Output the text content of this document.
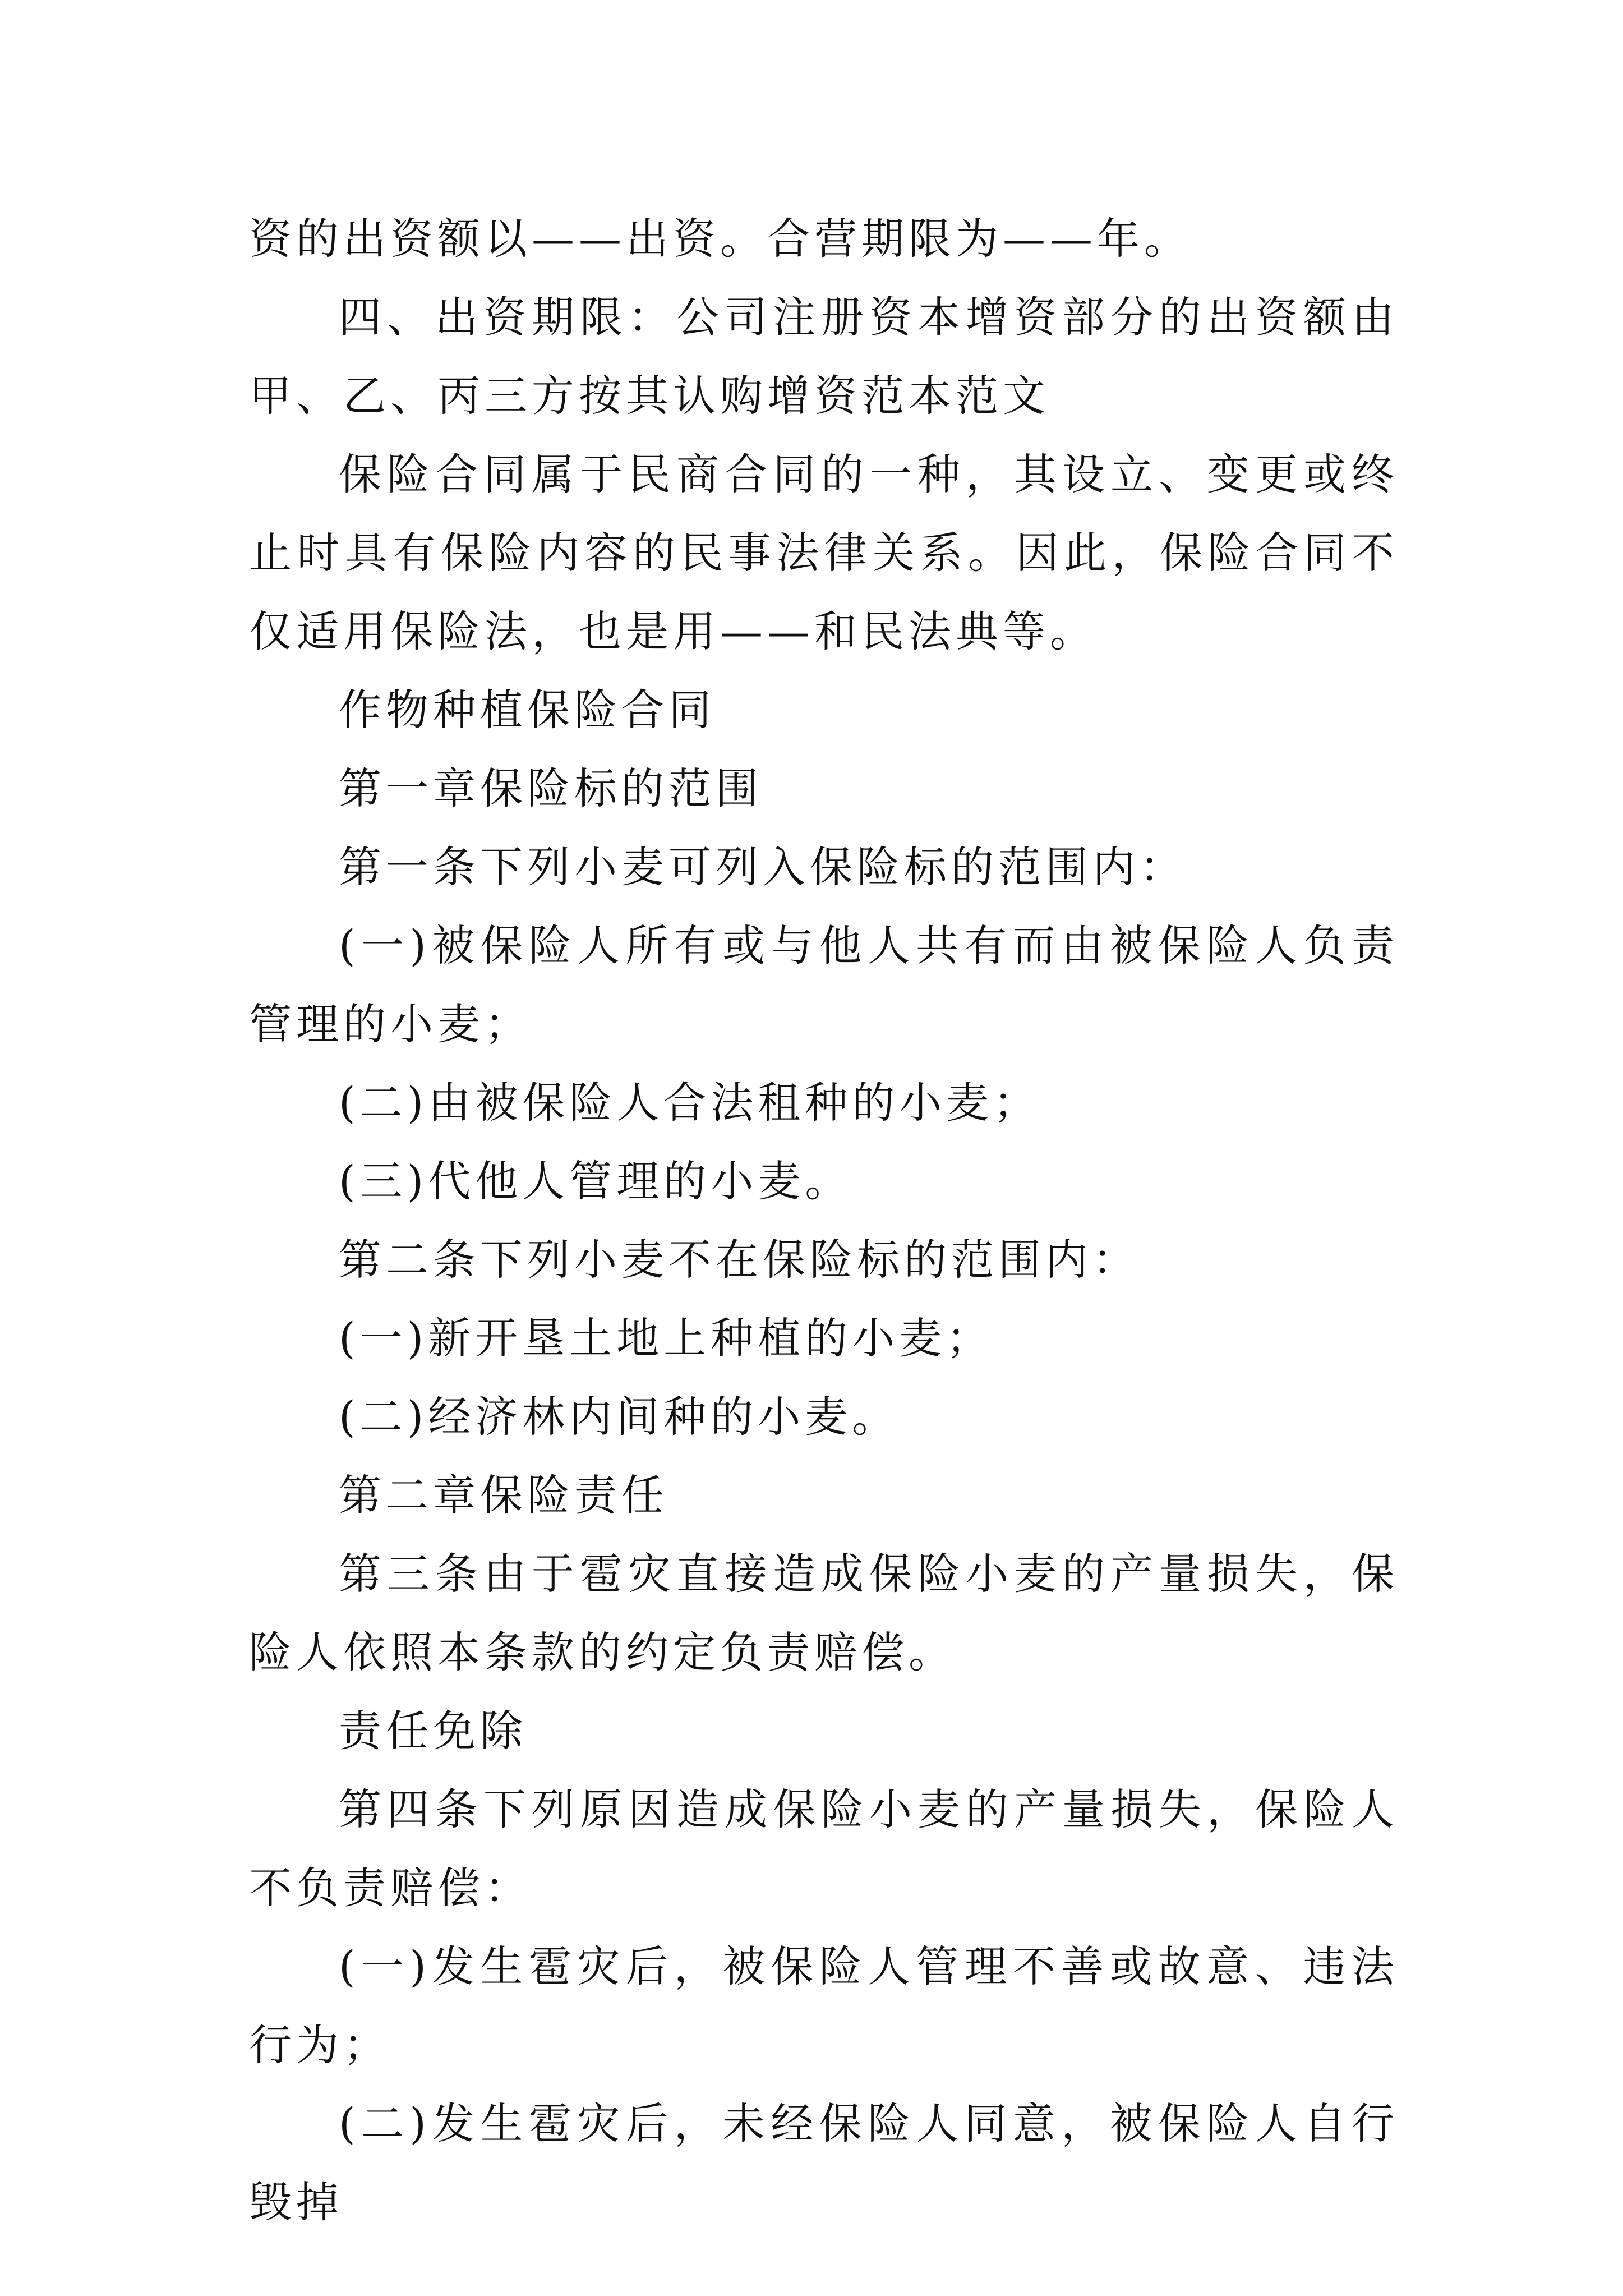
资的出资额以——出资。合营期限为——年。

四、出资期限：公司注册资本增资部分的出资额由甲、乙、丙三方按其认购增资范本范文

保险合同属于民商合同的一种，其设立、变更或终止时具有保险内容的民事法律关系。因此，保险合同不仅适用保险法，也是用——和民法典等。

作物种植保险合同

第一章保险标的范围

第一条下列小麦可列入保险标的范围内：

(一)被保险人所有或与他人共有而由被保险人负责管理的小麦；

(二)由被保险人合法租种的小麦；

(三)代他人管理的小麦。

第二条下列小麦不在保险标的范围内：

(一)新开垦土地上种植的小麦；

(二)经济林内间种的小麦。

第二章保险责任

第三条由于雹灾直接造成保险小麦的产量损失，保险人依照本条款的约定负责赔偿。

责任免除

第四条下列原因造成保险小麦的产量损失，保险人不负责赔偿：

(一)发生雹灾后，被保险人管理不善或故意、违法行为；

(二)发生雹灾后，未经保险人同意，被保险人自行毁掉
